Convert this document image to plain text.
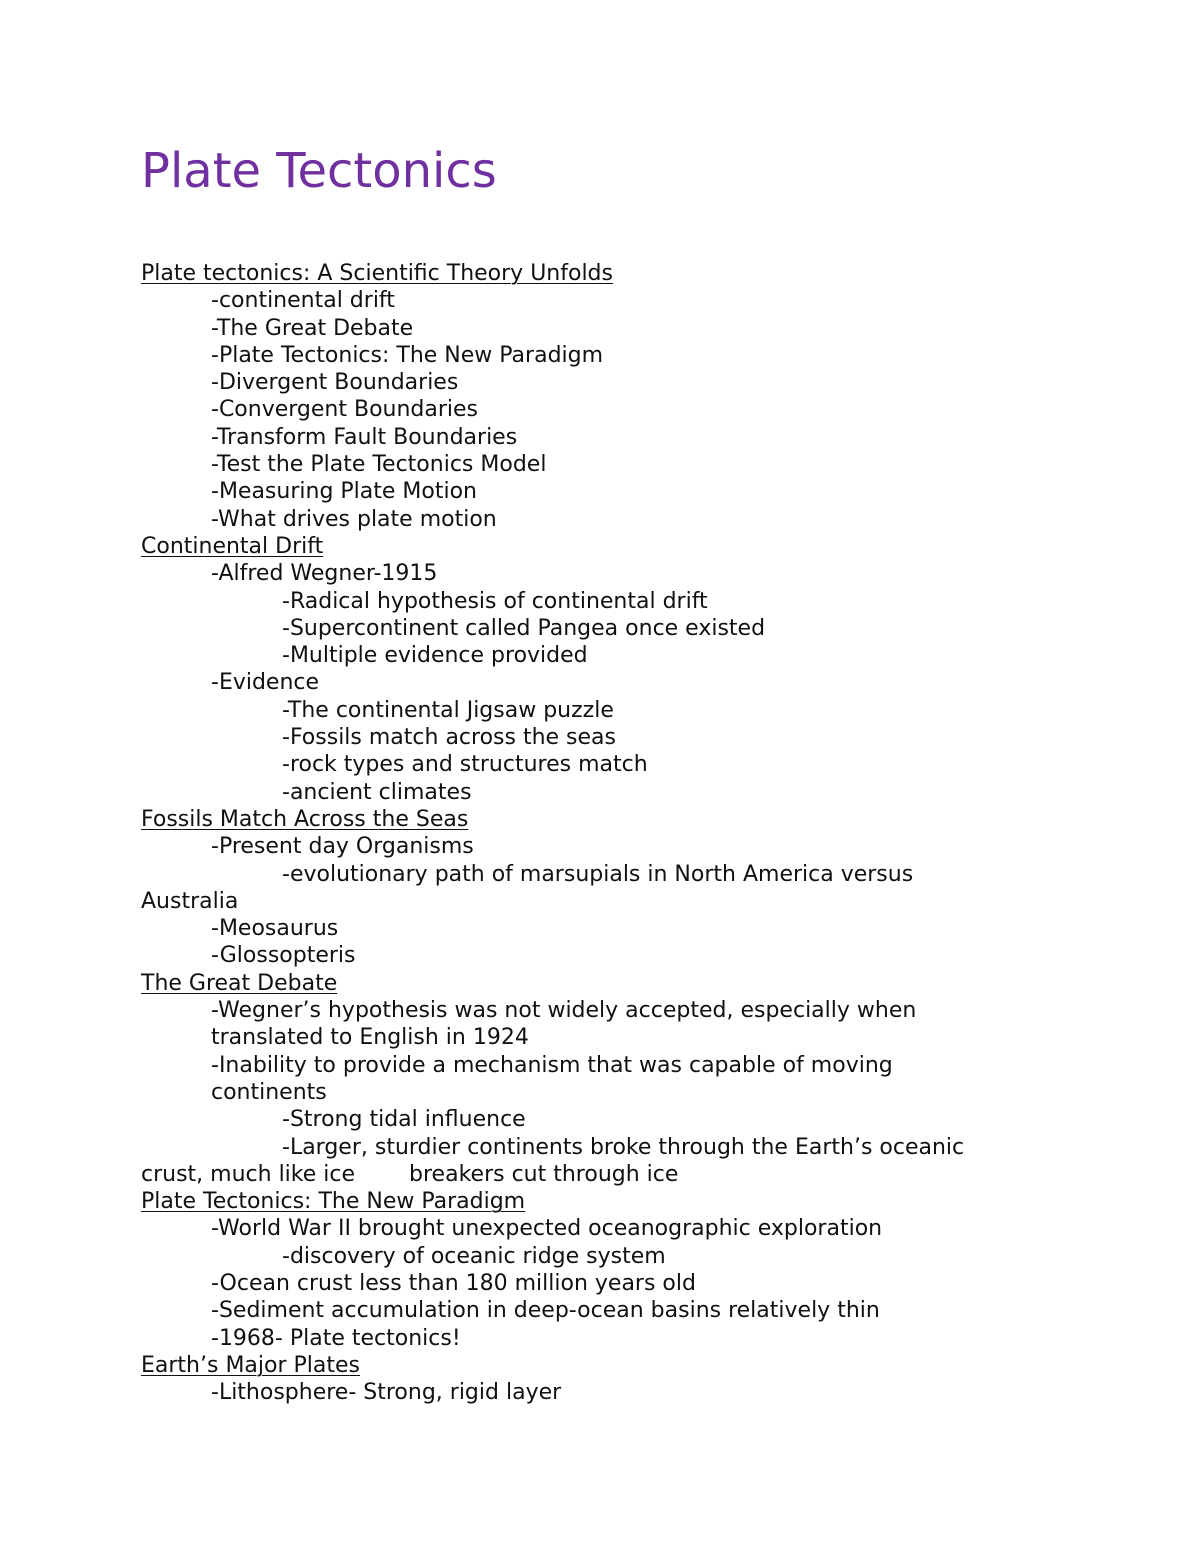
Plate Tectonics
Plate tectonics: A Scientific Theory Unfolds
-continental drift
-The Great Debate
-Plate Tectonics: The New Paradigm
-Divergent Boundaries
-Convergent Boundaries
-Transform Fault Boundaries
-Test the Plate Tectonics Model
-Measuring Plate Motion
-What drives plate motion
Continental Drift
-Alfred Wegner-1915
-Radical hypothesis of continental drift
-Supercontinent called Pangea once existed
-Multiple evidence provided
-Evidence
-The continental Jigsaw puzzle
-Fossils match across the seas
-rock types and structures match
-ancient climates
Fossils Match Across the Seas
-Present day Organisms
-evolutionary path of marsupials in North America versus
Australia
-Meosaurus
-Glossopteris
The Great Debate
-Wegner’s hypothesis was not widely accepted, especially when
translated to English in 1924
-Inability to provide a mechanism that was capable of moving
continents
-Strong tidal influence
-Larger, sturdier continents broke through the Earth’s oceanic
crust, much like ice breakers cut through ice
Plate Tectonics: The New Paradigm
-World War II brought unexpected oceanographic exploration
-discovery of oceanic ridge system
-Ocean crust less than 180 million years old
-Sediment accumulation in deep-ocean basins relatively thin
-1968- Plate tectonics!
Earth’s Major Plates
-Lithosphere- Strong, rigid layer
